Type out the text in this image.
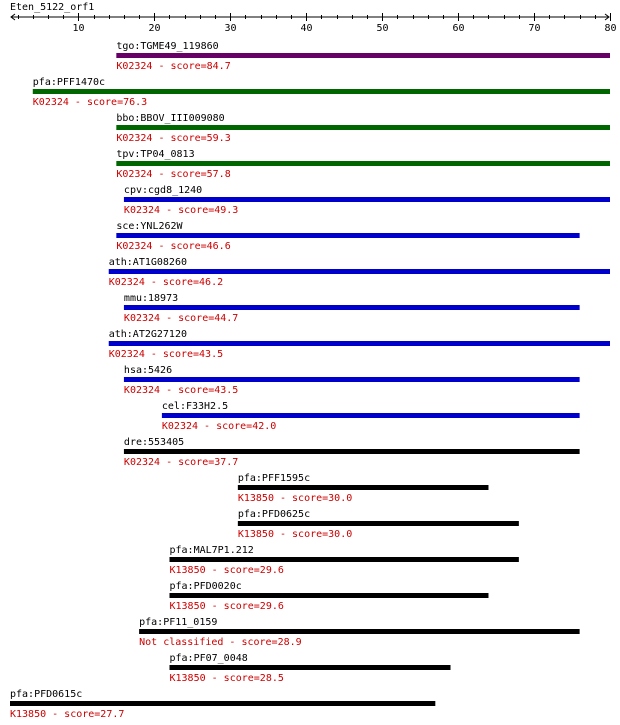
Eten_5122_orf1
10	20	30	40	50	60	70	80
tgo:TGME49_119860
K02324 - score=84.7
pfa:PFF1470c
K02324 - score=76.3
bbo:BBOV_III009080
K02324 - score=59.3
tpv:TP04_0813
K02324 - score=57.8
cpv:cgd8_1240
K02324 - score=49.3
sce:YNL262W
K02324 - score=46.6
ath:AT1G08260
K02324 - score=46.2
mmu:18973
K02324 - score=44.7
ath:AT2G27120
K02324 - score=43.5
hsa:5426
K02324 - score=43.5
cel:F33H2.5
K02324 - score=42.0
dre:553405
K02324 - score=37.7
pfa:PFF1595c
K13850 - score=30.0
pfa:PFD0625c
K13850 - score=30.0
pfa:MAL7P1.212
K13850 - score=29.6
pfa:PFD0020c
K13850 - score=29.6
pfa:PF11_0159
Not classified - score=28.9
pfa:PF07_0048
K13850 - score=28.5
pfa:PFD0615c
K13850 - score=27.7
